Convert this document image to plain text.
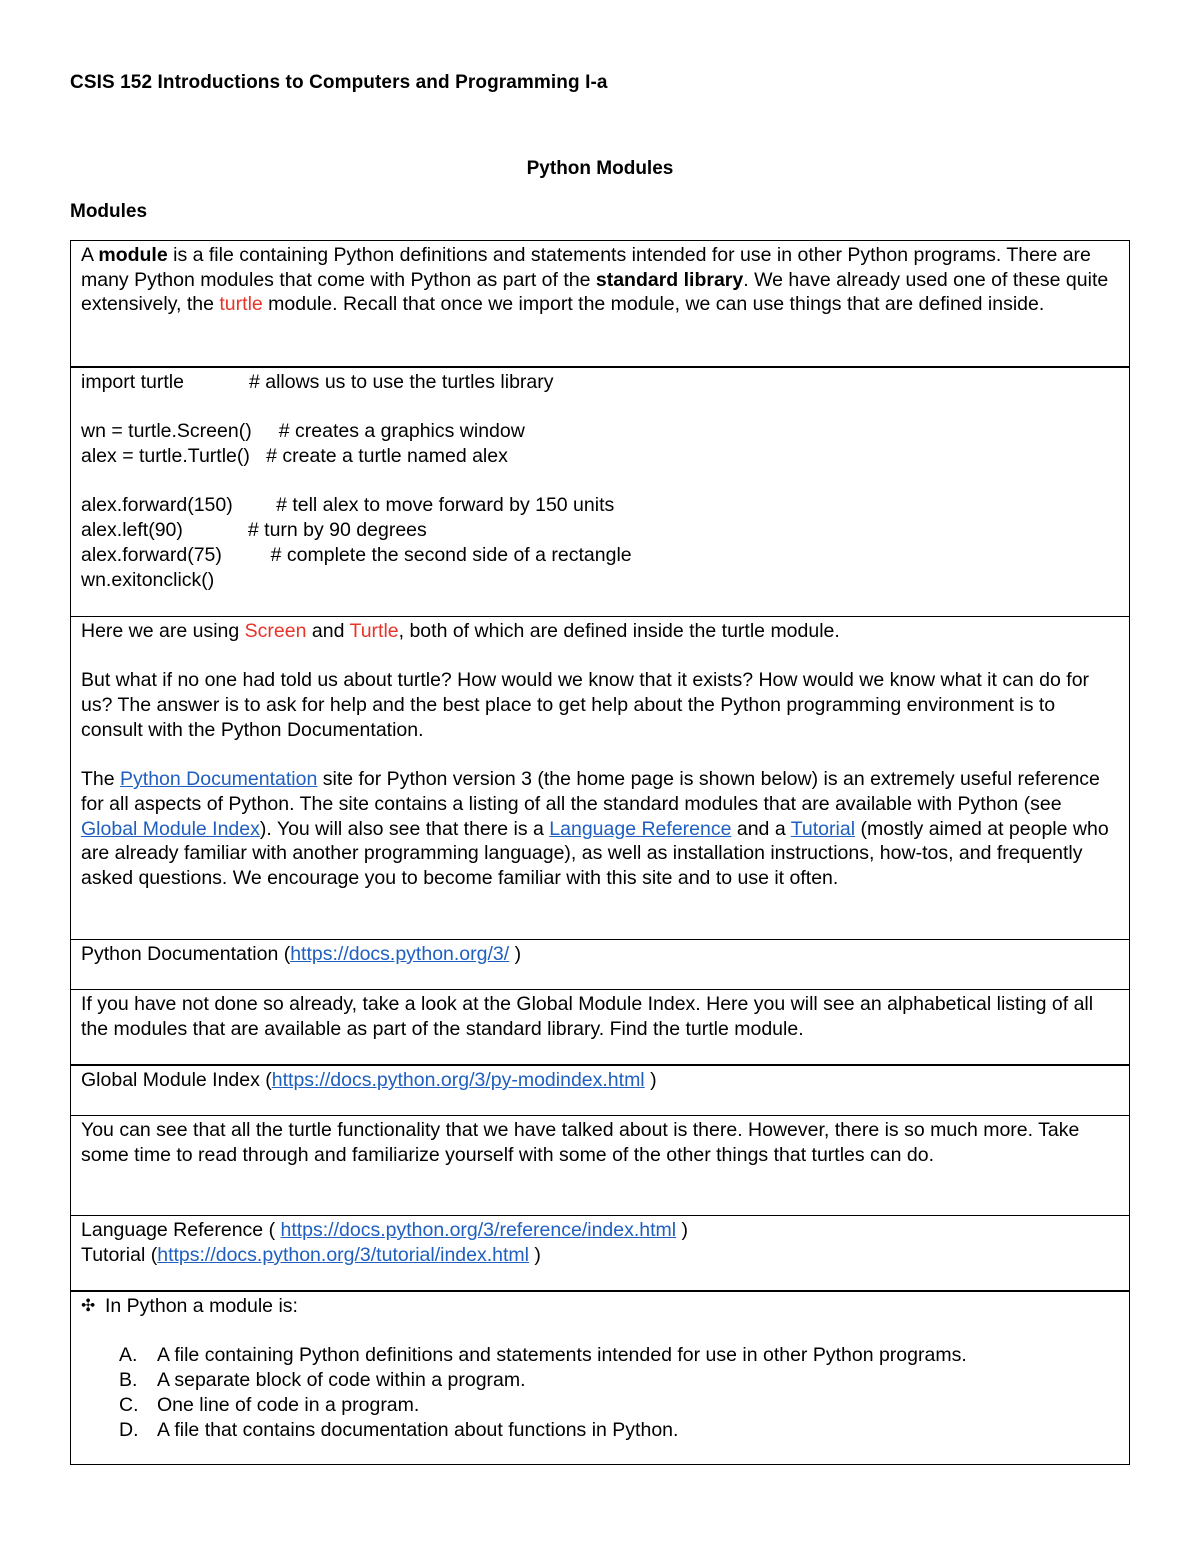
CSIS 152 Introductions to Computers and Programming I-a
Python Modules
Modules

A module is a file containing Python definitions and statements intended for use in other Python programs. There are many Python modules that come with Python as part of the standard library. We have already used one of these quite extensively, the turtle module. Recall that once we import the module, we can use things that are defined inside.

import turtle            # allows us to use the turtles library
wn = turtle.Screen()     # creates a graphics window
alex = turtle.Turtle()   # create a turtle named alex
alex.forward(150)        # tell alex to move forward by 150 units
alex.left(90)            # turn by 90 degrees
alex.forward(75)         # complete the second side of a rectangle
wn.exitonclick()

Here we are using Screen and Turtle, both of which are defined inside the turtle module.

But what if no one had told us about turtle? How would we know that it exists? How would we know what it can do for us? The answer is to ask for help and the best place to get help about the Python programming environment is to consult with the Python Documentation.

The Python Documentation site for Python version 3 (the home page is shown below) is an extremely useful reference for all aspects of Python. The site contains a listing of all the standard modules that are available with Python (see Global Module Index). You will also see that there is a Language Reference and a Tutorial (mostly aimed at people who are already familiar with another programming language), as well as installation instructions, how-tos, and frequently asked questions. We encourage you to become familiar with this site and to use it often.

Python Documentation (https://docs.python.org/3/ )

If you have not done so already, take a look at the Global Module Index. Here you will see an alphabetical listing of all the modules that are available as part of the standard library. Find the turtle module.

Global Module Index (https://docs.python.org/3/py-modindex.html )

You can see that all the turtle functionality that we have talked about is there. However, there is so much more. Take some time to read through and familiarize yourself with some of the other things that turtles can do.

Language Reference ( https://docs.python.org/3/reference/index.html )

Tutorial (https://docs.python.org/3/tutorial/index.html )

✣ In Python a module is:

A.	A file containing Python definitions and statements intended for use in other Python programs.
B.	A separate block of code within a program.
C. One line of code in a program.
D. A file that contains documentation about functions in Python.
